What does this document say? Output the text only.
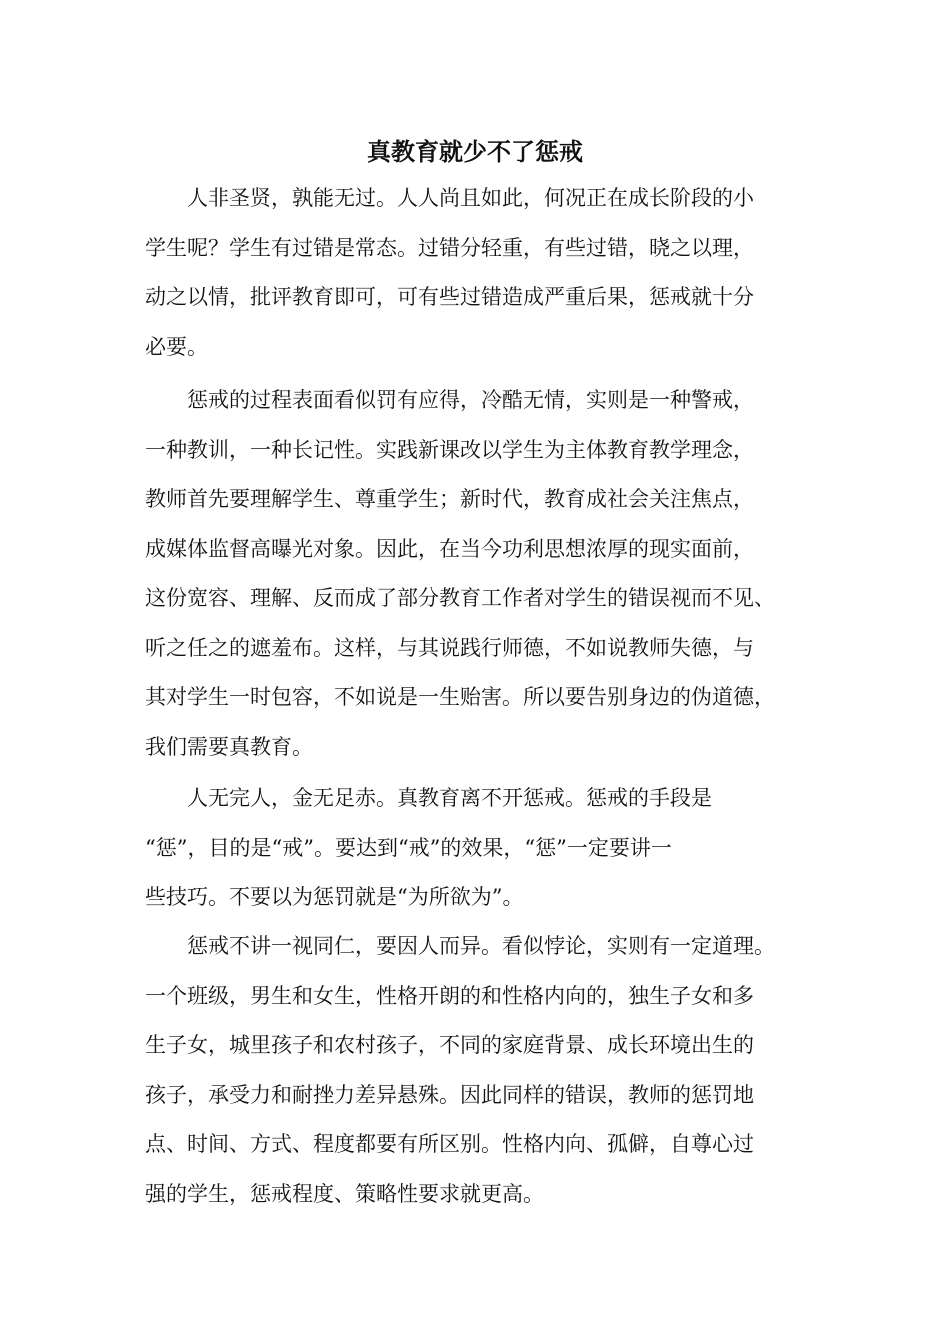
真教育就少不了惩戒
人非圣贤，孰能无过。人人尚且如此，何况正在成长阶段的小
学生呢？学生有过错是常态。过错分轻重，有些过错，晓之以理，
动之以情，批评教育即可，可有些过错造成严重后果，惩戒就十分
必要。
惩戒的过程表面看似罚有应得，冷酷无情，实则是一种警戒，
一种教训，一种长记性。实践新课改以学生为主体教育教学理念，
教师首先要理解学生、尊重学生；新时代，教育成社会关注焦点，
成媒体监督高曝光对象。因此，在当今功利思想浓厚的现实面前，
这份宽容、理解、反而成了部分教育工作者对学生的错误视而不见、
听之任之的遮羞布。这样，与其说践行师德，不如说教师失德，与
其对学生一时包容，不如说是一生贻害。所以要告别身边的伪道德，
我们需要真教育。
人无完人，金无足赤。真教育离不开惩戒。惩戒的手段是
“惩”，目的是“戒”。要达到“戒”的效果，“惩”一定要讲一
些技巧。不要以为惩罚就是“为所欲为”。
惩戒不讲一视同仁，要因人而异。看似悖论，实则有一定道理。
一个班级，男生和女生，性格开朗的和性格内向的，独生子女和多
生子女，城里孩子和农村孩子，不同的家庭背景、成长环境出生的
孩子，承受力和耐挫力差异悬殊。因此同样的错误，教师的惩罚地
点、时间、方式、程度都要有所区别。性格内向、孤僻，自尊心过
强的学生，惩戒程度、策略性要求就更高。
